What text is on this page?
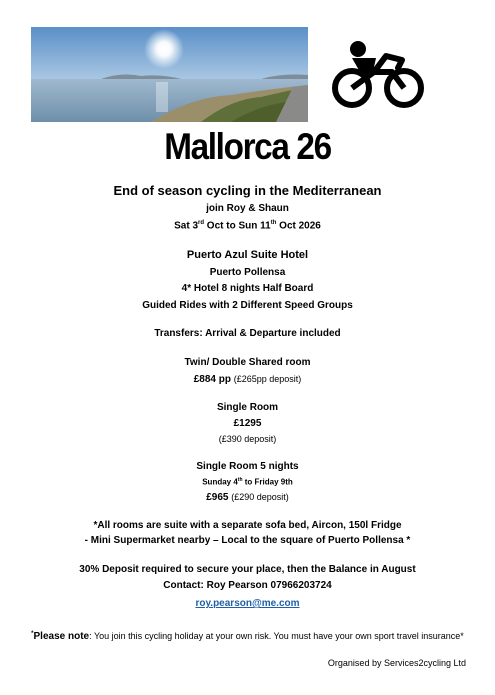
Mallorca 26
End of season cycling in the Mediterranean
join Roy & Shaun
Sat 3rd Oct to Sun 11th Oct 2026
Puerto Azul Suite Hotel
Puerto Pollensa
4* Hotel 8 nights Half Board
Guided Rides with 2 Different Speed Groups
Transfers: Arrival & Departure included
Twin/ Double Shared room
£884 pp (£265pp deposit)
Single Room
£1295
(£390 deposit)
Single Room 5 nights
Sunday 4th to Friday 9th
£965 (£290 deposit)
*All rooms are suite with a separate sofa bed, Aircon, 150l Fridge
- Mini Supermarket nearby – Local to the square of Puerto Pollensa *
30% Deposit required to secure your place, then the Balance in August
Contact: Roy Pearson 07966203724
roy.pearson@me.com
*Please note: You join this cycling holiday at your own risk. You must have your own sport travel insurance*
Organised by Services2cycling Ltd
